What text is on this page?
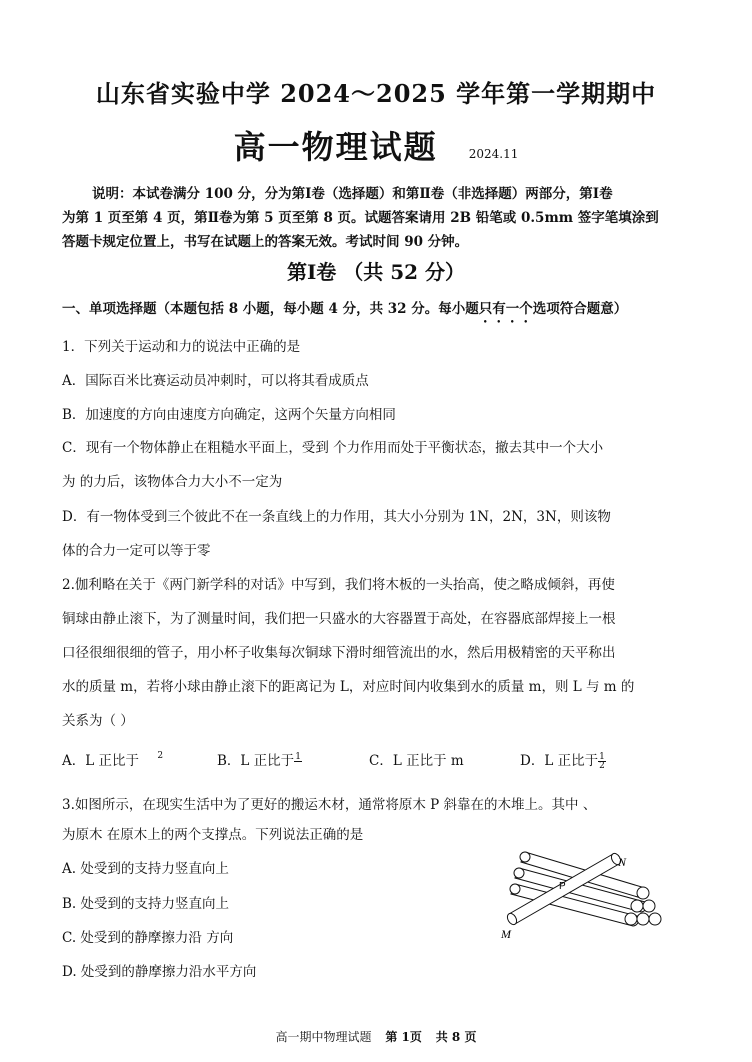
山东省实验中学 2024～2025 学年第一学期期中
高一物理试题	2024.11
说明：本试卷满分 100 分，分为第Ⅰ卷（选择题）和第Ⅱ卷（非选择题）两部分，第Ⅰ卷
为第 1 页至第 4 页，第Ⅱ卷为第 5 页至第 8 页。试题答案请用 2B 铅笔或 0.5mm 签字笔填涂到
答题卡规定位置上，书写在试题上的答案无效。考试时间 90 分钟。
第Ⅰ卷 （共 52 分）
一、单项选择题（本题包括 8 小题，每小题 4 分，共 32 分。每小题只有一个选项符合题意）
1．下列关于运动和力的说法中正确的是
A．国际百米比赛运动员冲刺时，可以将其看成质点
B．加速度的方向由速度方向确定，这两个矢量方向相同
C．现有一个物体静止在粗糙水平面上，受到 个力作用而处于平衡状态，撤去其中一个大小
为 的力后，该物体合力大小不一定为
D．有一物体受到三个彼此不在一条直线上的力作用，其大小分别为 1N，2N，3N，则该物
体的合力一定可以等于零
2.伽利略在关于《两门新学科的对话》中写到，我们将木板的一头抬高，使之略成倾斜，再使
铜球由静止滚下，为了测量时间，我们把一只盛水的大容器置于高处，在容器底部焊接上一根
口径很细很细的管子，用小杯子收集每次铜球下滑时细管流出的水，然后用极精密的天平称出
水的质量 m，若将小球由静止滚下的距离记为 L，对应时间内收集到水的质量 m，则 L 与 m 的
关系为（ ）
A．L 正比于 $^2$	B．L 正比于 1
	C．L 正比于 m	D．L 正比于 $\frac{1}{2}$
3.如图所示，在现实生活中为了更好的搬运木材，通常将原木 P 斜靠在的木堆上。其中 、
为原木 在原木上的两个支撑点。下列说法正确的是
A. 处受到的支持力竖直向上
B. 处受到的支持力竖直向上
C. 处受到的静摩擦力沿 方向
D. 处受到的静摩擦力沿水平方向
N
P
M
高一期中物理试题 第 1页 共 8 页
